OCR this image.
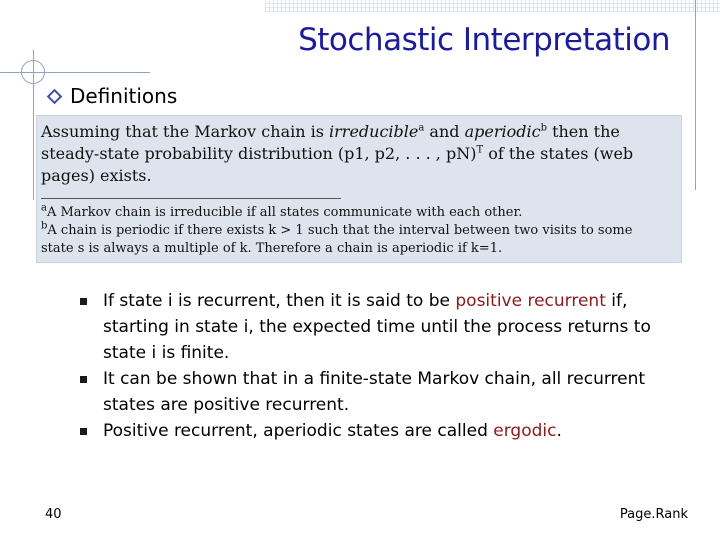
Stochastic Interpretation
Definitions
Assuming that the Markov chain is irreducible$^a$ and aperiodic$^b$ then the
steady-state probability distribution (p1, p2, . . . , pN)$^T$ of the states (web
pages) exists.
$^a$A Markov chain is irreducible if all states communicate with each other.
$^b$A chain is periodic if there exists k > 1 such that the interval between two visits to some
state s is always a multiple of k. Therefore a chain is aperiodic if k=1.
If state i is recurrent, then it is said to be positive recurrent if, starting in state i, the expected time until the process returns to state i is finite.
It can be shown that in a finite-state Markov chain, all recurrent states are positive recurrent.
Positive recurrent, aperiodic states are called ergodic.
40	Page.Rank
